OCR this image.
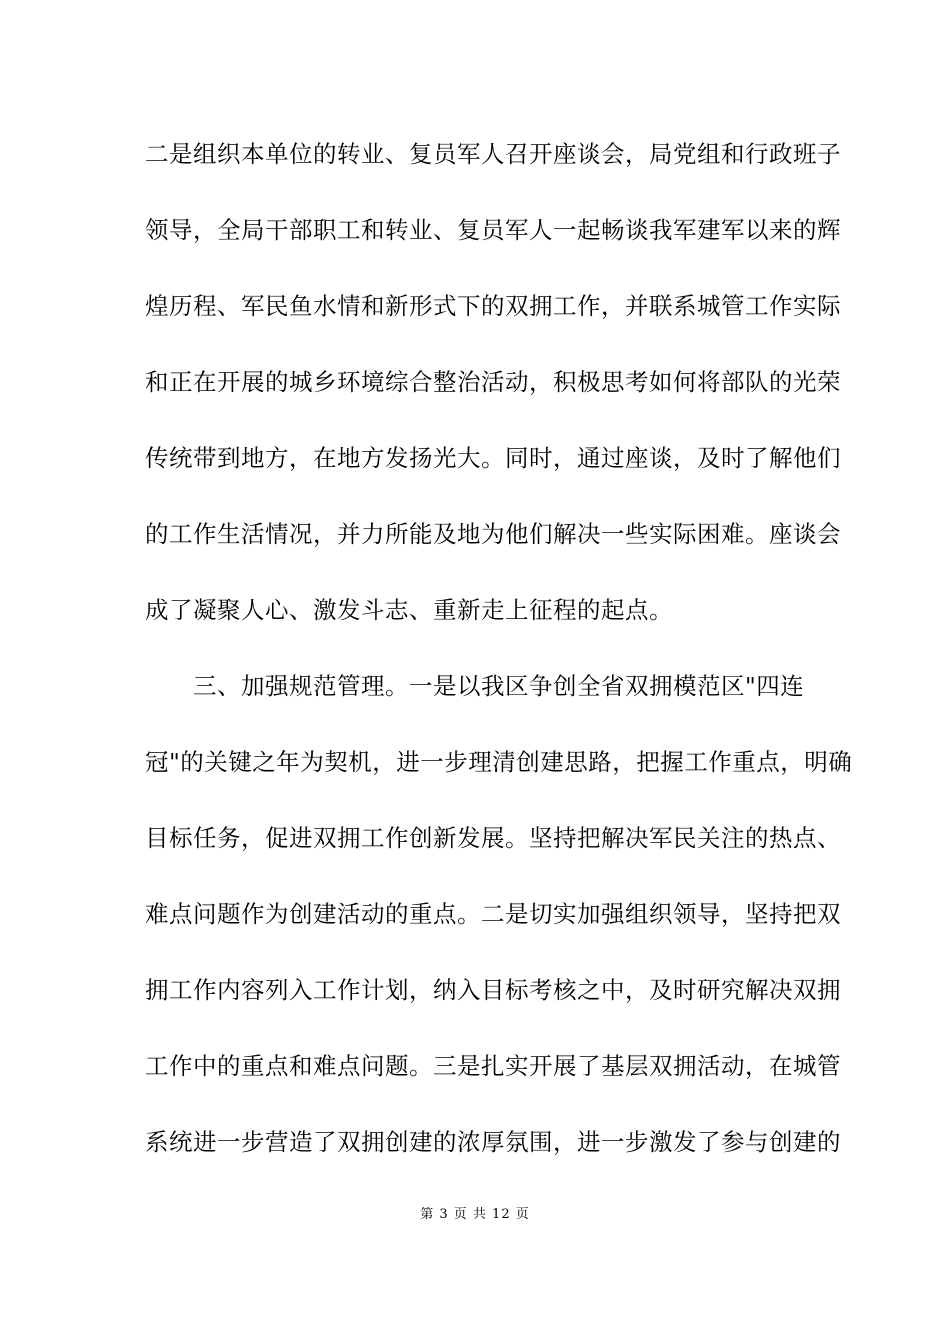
二是组织本单位的转业、复员军人召开座谈会，局党组和行政班子
领导，全局干部职工和转业、复员军人一起畅谈我军建军以来的辉
煌历程、军民鱼水情和新形式下的双拥工作，并联系城管工作实际
和正在开展的城乡环境综合整治活动，积极思考如何将部队的光荣
传统带到地方，在地方发扬光大。同时，通过座谈，及时了解他们
的工作生活情况，并力所能及地为他们解决一些实际困难。座谈会
成了凝聚人心、激发斗志、重新走上征程的起点。
　　三、加强规范管理。一是以我区争创全省双拥模范区"四连
冠"的关键之年为契机，进一步理清创建思路，把握工作重点，明确
目标任务，促进双拥工作创新发展。坚持把解决军民关注的热点、
难点问题作为创建活动的重点。二是切实加强组织领导，坚持把双
拥工作内容列入工作计划，纳入目标考核之中，及时研究解决双拥
工作中的重点和难点问题。三是扎实开展了基层双拥活动，在城管
系统进一步营造了双拥创建的浓厚氛围，进一步激发了参与创建的
第 3 页 共 12 页
